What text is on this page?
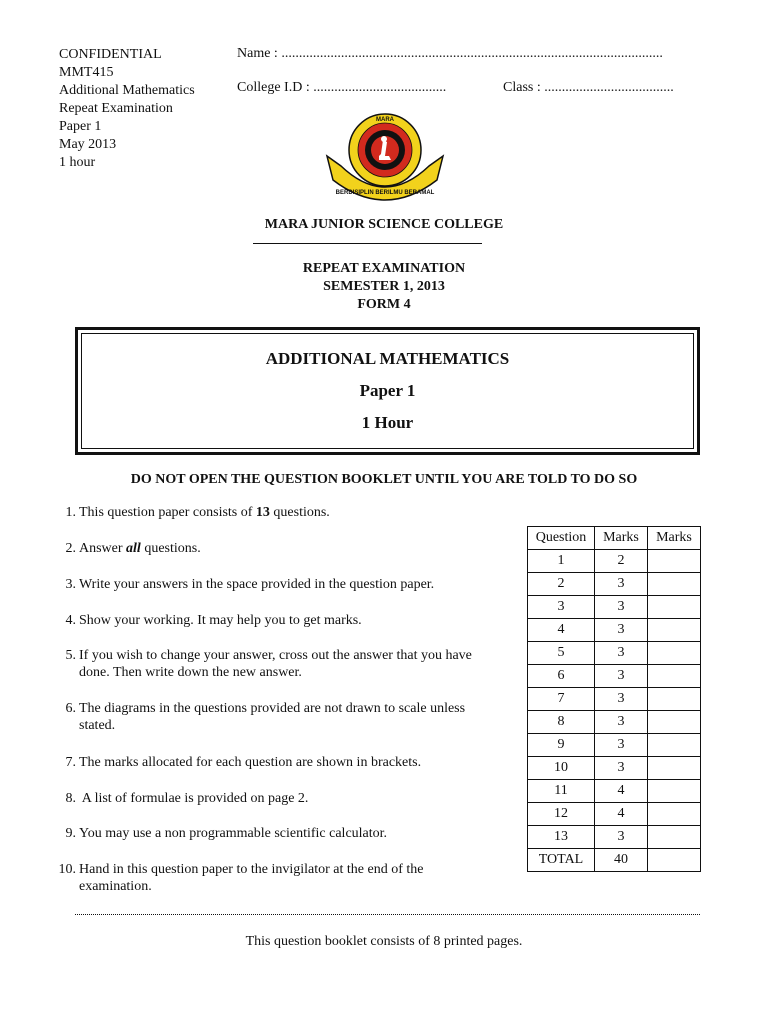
CONFIDENTIAL
MMT415
Additional Mathematics
Repeat Examination
Paper 1
May 2013
1 hour
Name : .............................................................................................................
College I.D : ......................................	Class : .....................................
MARA
BERDISIPLIN BERILMU BERAMAL
MARA JUNIOR SCIENCE COLLEGE
REPEAT EXAMINATION
SEMESTER 1, 2013
FORM 4
ADDITIONAL MATHEMATICS
Paper 1
1 Hour
DO NOT OPEN THE QUESTION BOOKLET UNTIL YOU ARE TOLD TO DO SO
1. This question paper consists of 13 questions.
2. Answer all questions.
3. Write your answers in the space provided in the question paper.
4. Show your working. It may help you to get marks.
5. If you wish to change your answer, cross out the answer that you have done. Then write down the new answer.
6. The diagrams in the questions provided are not drawn to scale unless stated.
7. The marks allocated for each question are shown in brackets.
8. A list of formulae is provided on page 2.
9. You may use a non programmable scientific calculator.
10. Hand in this question paper to the invigilator at the end of the examination.
Question	Marks	Marks
1	2	
2	3	
3	3	
4	3	
5	3	
6	3	
7	3	
8	3	
9	3	
10	3	
11	4	
12	4	
13	3	
TOTAL	40	
This question booklet consists of 8 printed pages.
